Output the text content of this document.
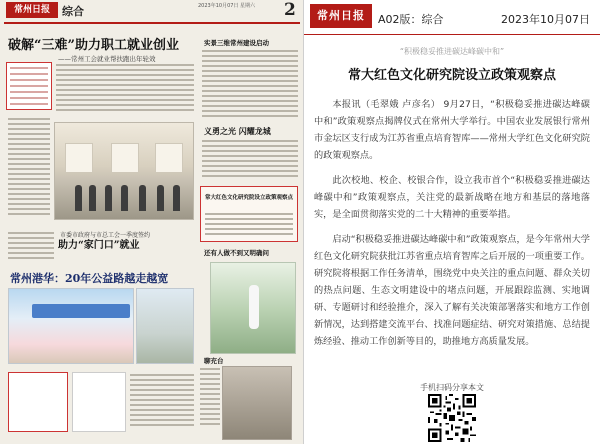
常州日报	综合	2023年10月07日 星期六	2
破解“三难”助力职工就业创业
——常州工会就业帮扶跑出年轮效
市委市政府与市总工会一季度签约
助力“家门口”就业
常州港华：20年公益路越走越宽
实景三维常州建设启动
义勇之光 闪耀龙城
常大红色文化研究院设立政策观察点
还有人做不到又明确问
聊充台
常州日报	A02版：综合	2023年10月07日
“积极稳妥推进碳达峰碳中和”
常大红色文化研究院设立政策观察点

本报讯（毛翠娥 卢彦名） 9月27日，“积极稳妥推进碳达峰碳中和”政策观察点揭牌仪式在常州大学举行。中国农业发展银行常州市金坛区支行成为江苏省重点培育智库——常州大学红色文化研究院的政策观察点。

此次校地、校企、校银合作，设立我市首个“积极稳妥推进碳达峰碳中和”政策观察点，关注党的最新战略在地方和基层的落地落实，是全面贯彻落实党的二十大精神的重要举措。

启动“积极稳妥推进碳达峰碳中和”政策观察点，是今年常州大学红色文化研究院获批江苏省重点培育智库之后开展的一项重要工作。研究院将根据工作任务清单，围绕党中央关注的重点问题、群众关切的热点问题、生态文明建设中的堵点问题，开展跟踪监测、实地调研、专题研讨和经验推介，深入了解有关决策部署落实和地方工作创新情况，达到搭建交流平台、找准问题症结、研究对策措施、总结提炼经验、推动工作创新等目的，助推地方高质量发展。

手机扫码分享本文
